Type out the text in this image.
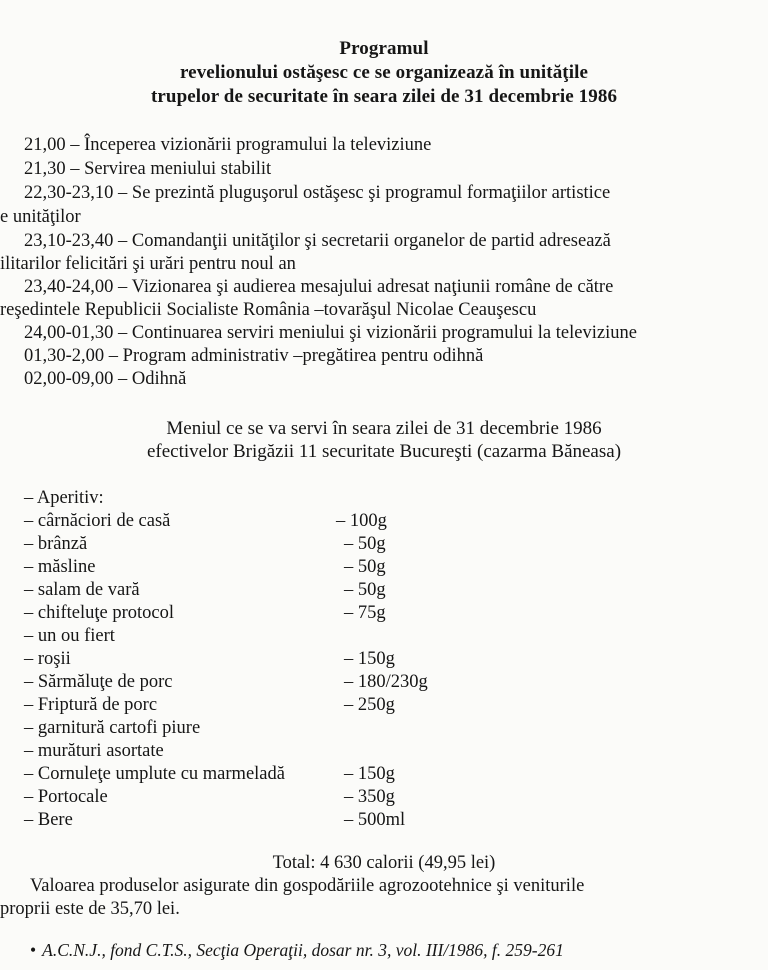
Programul
revelionului ostăşesc ce se organizează în unităţile
trupelor de securitate în seara zilei de 31 decembrie 1986
21,00 – Începerea vizionării programului la televiziune
21,30 – Servirea meniului stabilit
22,30-23,10 – Se prezintă pluguşorul ostăşesc şi programul formaţiilor artistice
e unităţilor
23,10-23,40 – Comandanţii unităţilor şi secretarii organelor de partid adresează
ilitarilor felicitări şi urări pentru noul an
23,40-24,00 – Vizionarea şi audierea mesajului adresat naţiunii române de către
reşedintele Republicii Socialiste România –tovarăşul Nicolae Ceauşescu
24,00-01,30 – Continuarea serviri meniului şi vizionării programului la televiziune
01,30-2,00 – Program administrativ –pregătirea pentru odihnă
02,00-09,00 – Odihnă
Meniul ce se va servi în seara zilei de 31 decembrie 1986
efectivelor Brigăzii 11 securitate Bucureşti (cazarma Băneasa)
– Aperitiv:
– cârnăciori de casă	– 100g
– brânză	– 50g
– măsline	– 50g
– salam de vară	– 50g
– chifteluţe protocol	– 75g
– un ou fiert
– roşii	– 150g
– Sărmăluţe de porc	– 180/230g
– Friptură de porc	– 250g
– garnitură cartofi piure
– murături asortate
– Cornuleţe umplute cu marmeladă	– 150g
– Portocale	– 350g
– Bere	– 500ml
Total: 4 630 calorii (49,95 lei)
Valoarea produselor asigurate din gospodăriile agrozootehnice şi veniturile
proprii este de 35,70 lei.
• A.C.N.J., fond C.T.S., Secţia Operaţii, dosar nr. 3, vol. III/1986, f. 259-261
